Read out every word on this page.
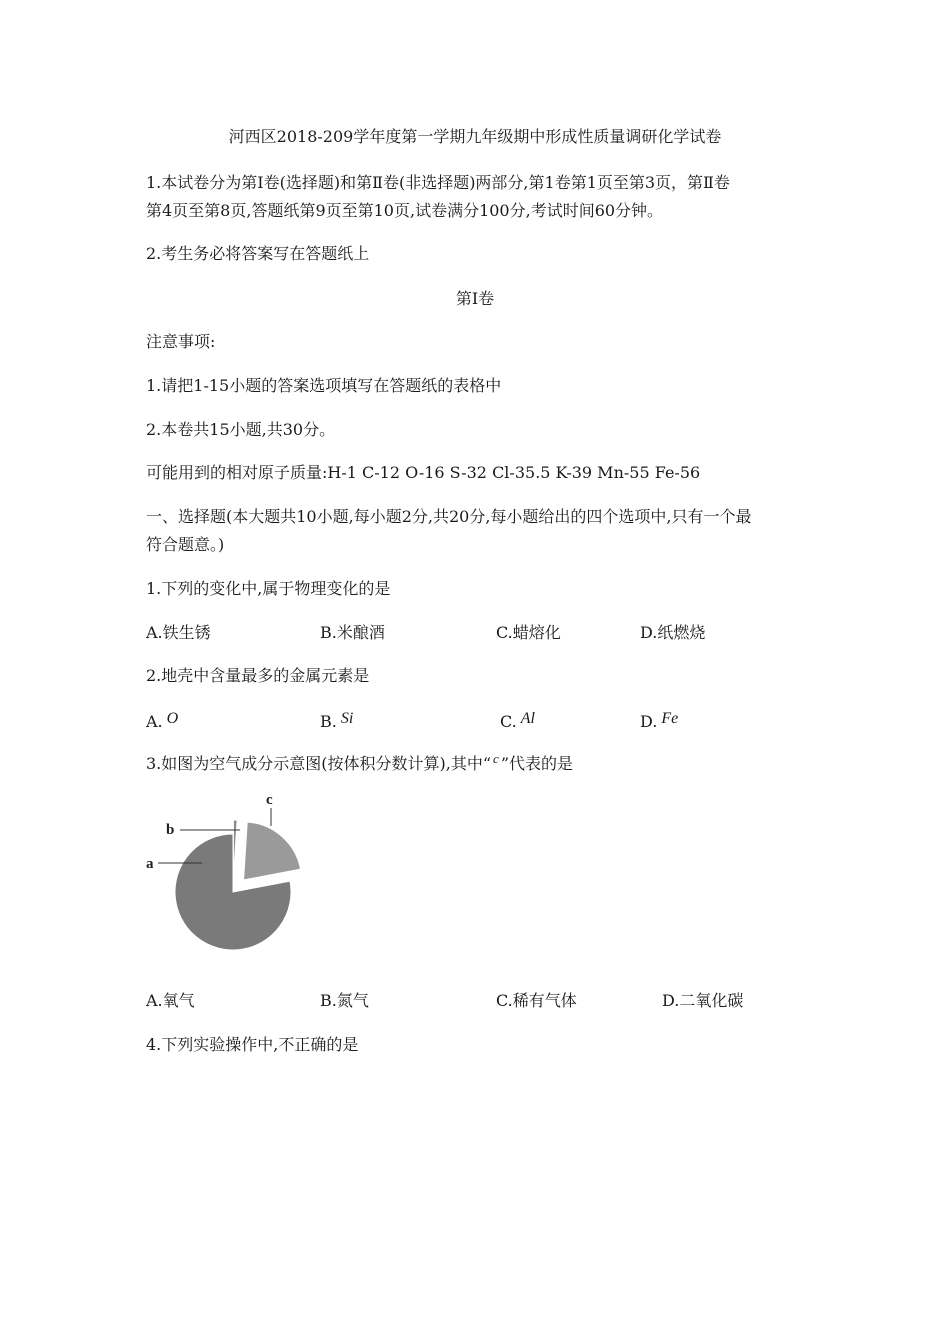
河西区2018-209学年度第一学期九年级期中形成性质量调研化学试卷
1.本试卷分为第Ⅰ卷(选择题)和第Ⅱ卷(非选择题)两部分,第1卷第1页至第3页，第Ⅱ卷
第4页至第8页,答题纸第9页至第10页,试卷满分100分,考试时间60分钟。
2.考生务必将答案写在答题纸上
第Ⅰ卷
注意事项:
1.请把1-15小题的答案选项填写在答题纸的表格中
2.本卷共15小题,共30分。
可能用到的相对原子质量:H-1 C-12 O-16 S-32 Cl-35.5 K-39 Mn-55 Fe-56
一、选择题(本大题共10小题,每小题2分,共20分,每小题给出的四个选项中,只有一个最
符合题意。)
1.下列的变化中,属于物理变化的是
A.铁生锈	B.米酿酒	C.蜡熔化	D.纸燃烧
2.地壳中含量最多的金属元素是
A. O	B. Si	C. Al	D. Fe
3.如图为空气成分示意图(按体积分数计算),其中“ $^c$ ”代表的是
b
c
a
A.氧气	B.氮气	C.稀有气体	D.二氧化碳
4.下列实验操作中,不正确的是
